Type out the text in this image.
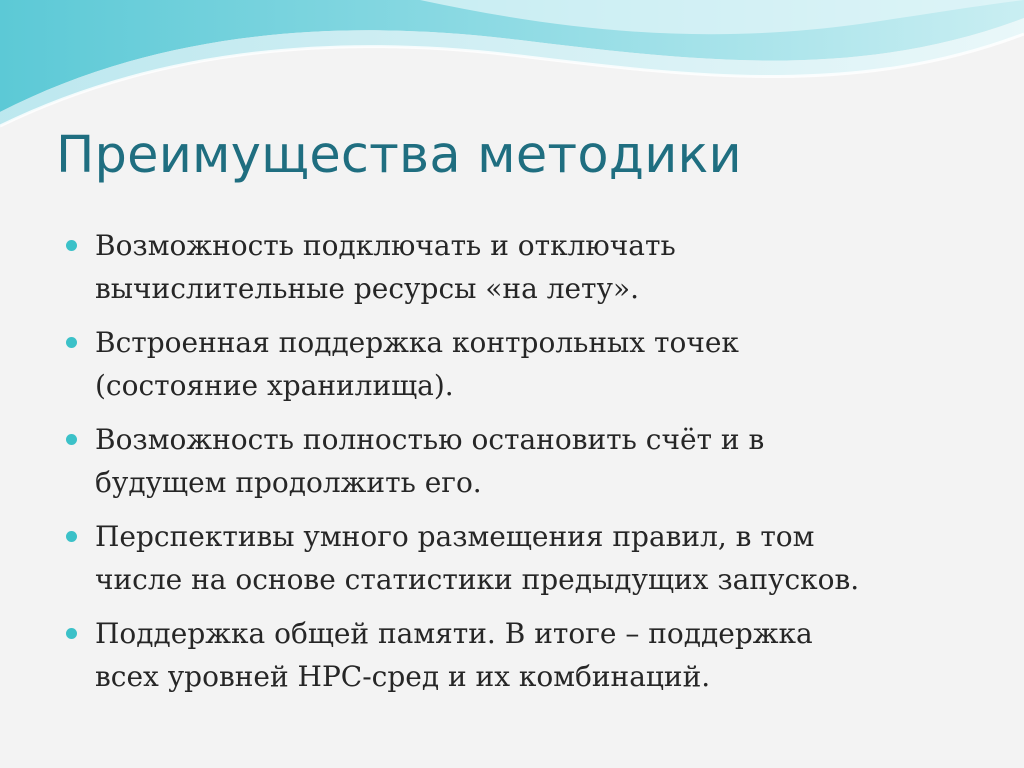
Преимущества методики
Возможность подключать и отключать
вычислительные ресурсы «на лету».
Встроенная поддержка контрольных точек
(состояние хранилища).
Возможность полностью остановить счёт и в
будущем продолжить его.
Перспективы умного размещения правил, в том
числе на основе статистики предыдущих запусков.
Поддержка общей памяти. В итоге – поддержка
всех уровней HPC-сред и их комбинаций.
